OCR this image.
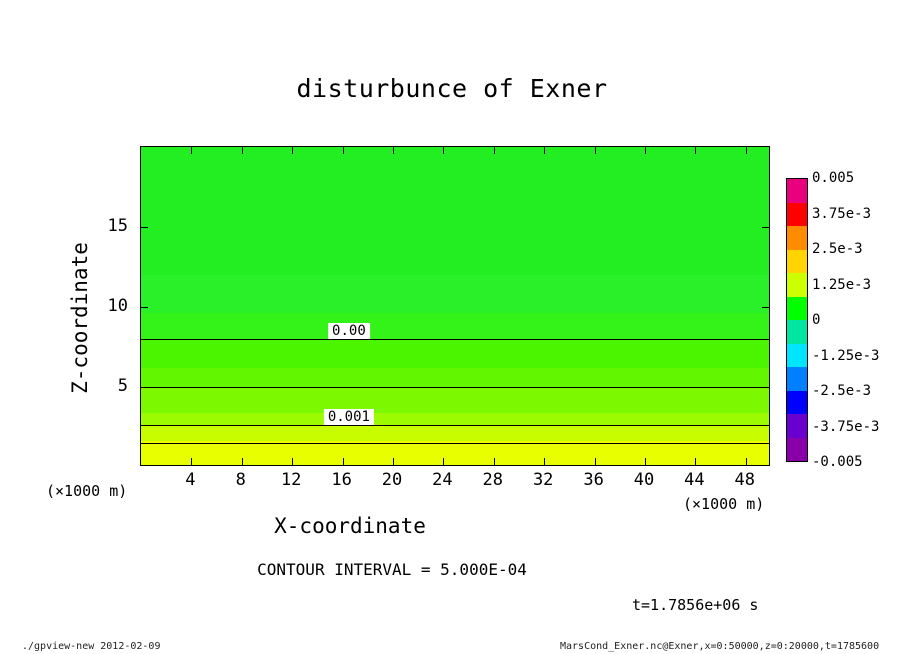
disturbunce of Exner
0.00
0.001
4 8 12 16 20 24 28 32 36 40 44 48
5
10
15
X-coordinate
Z-coordinate
(×1000 m)
(×1000 m)
CONTOUR INTERVAL = 5.000E-04
t=1.7856e+06 s
./gpview-new 2012-02-09	MarsCond_Exner.nc@Exner,x=0:50000,z=0:20000,t=1785600
0.005
3.75e-3
2.5e-3
1.25e-3
0
-1.25e-3
-2.5e-3
-3.75e-3
-0.005
